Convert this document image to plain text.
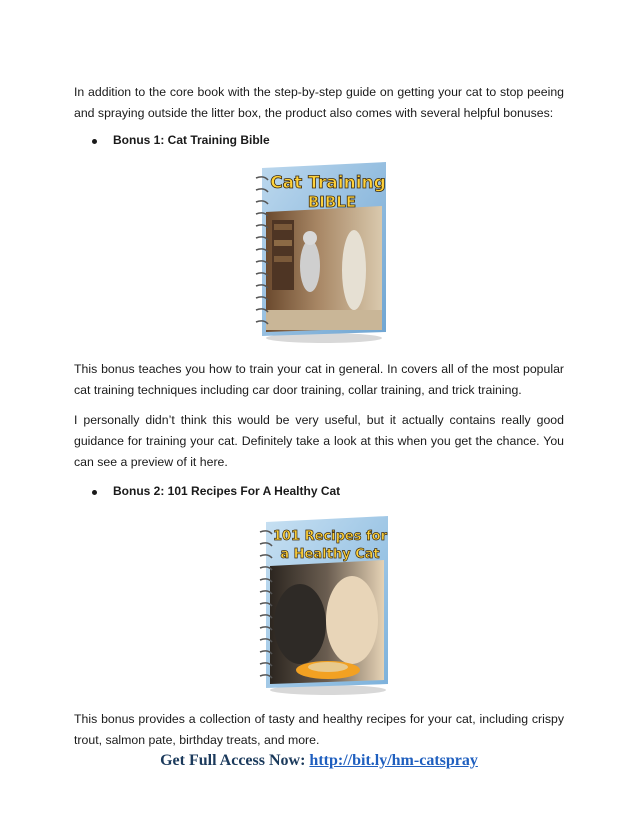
In addition to the core book with the step-by-step guide on getting your cat to stop peeing and spraying outside the litter box, the product also comes with several helpful bonuses:

Bonus 1: Cat Training Bible
Cat Training
BIBLE

This bonus teaches you how to train your cat in general. In covers all of the most popular cat training techniques including car door training, collar training, and trick training.

I personally didn’t think this would be very useful, but it actually contains really good guidance for training your cat. Definitely take a look at this when you get the chance. You can see a preview of it here.

Bonus 2: 101 Recipes For A Healthy Cat
101 Recipes for
a Healthy Cat

This bonus provides a collection of tasty and healthy recipes for your cat, including crispy trout, salmon pate, birthday treats, and more.

Get Full Access Now: http://bit.ly/hm-catspray
